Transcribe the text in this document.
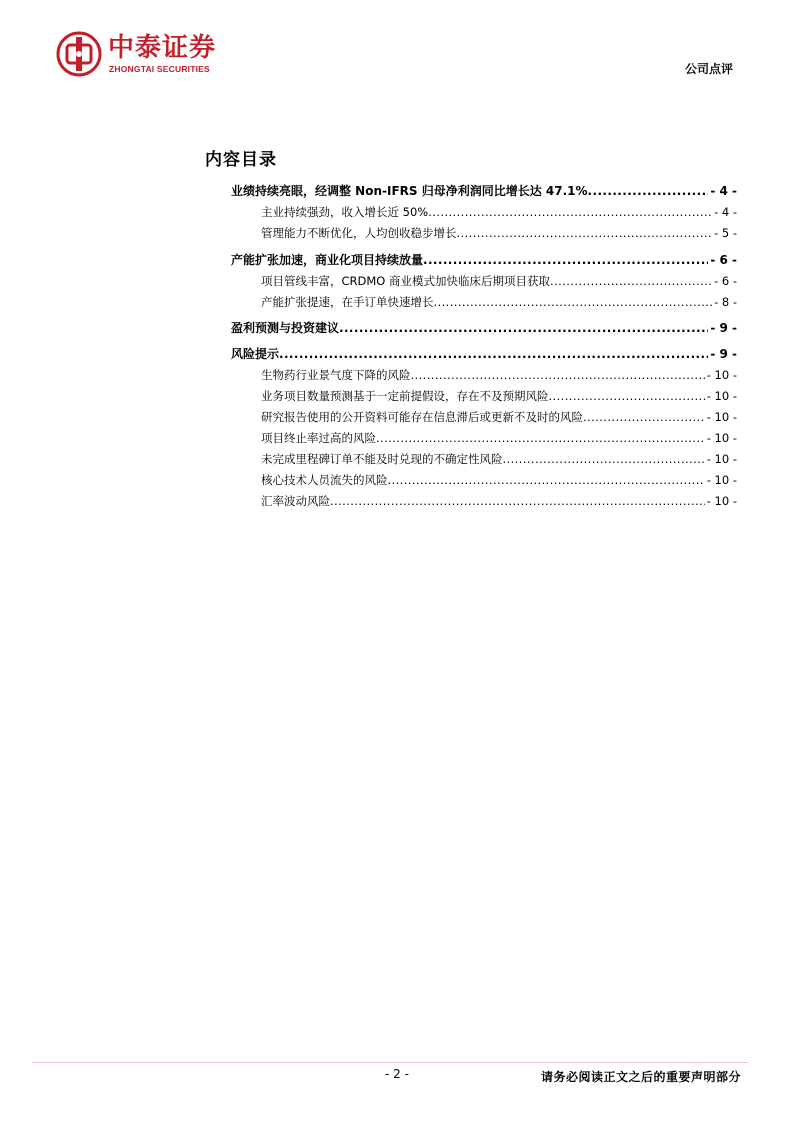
中泰证券
ZHONGTAI SECURITIES	公司点评
内容目录
业绩持续亮眼，经调整 Non-IFRS 归母净利润同比增长达 47.1% .....	- 4 -
主业持续强劲，收入增长近 50% .....	- 4 -
管理能力不断优化，人均创收稳步增长 .....	- 5 -
产能扩张加速，商业化项目持续放量 .....	- 6 -
项目管线丰富，CRDMO 商业模式加快临床后期项目获取 .....	- 6 -
产能扩张提速，在手订单快速增长 .....	- 8 -
盈利预测与投资建议 .....	- 9 -
风险提示 .....	- 9 -
生物药行业景气度下降的风险 .....	- 10 -
业务项目数量预测基于一定前提假设，存在不及预期风险 .....	- 10 -
研究报告使用的公开资料可能存在信息滞后或更新不及时的风险 .....	- 10 -
项目终止率过高的风险 .....	- 10 -
未完成里程碑订单不能及时兑现的不确定性风险 .....	- 10 -
核心技术人员流失的风险 .....	- 10 -
汇率波动风险 .....	- 10 -
- 2 -	请务必阅读正文之后的重要声明部分
